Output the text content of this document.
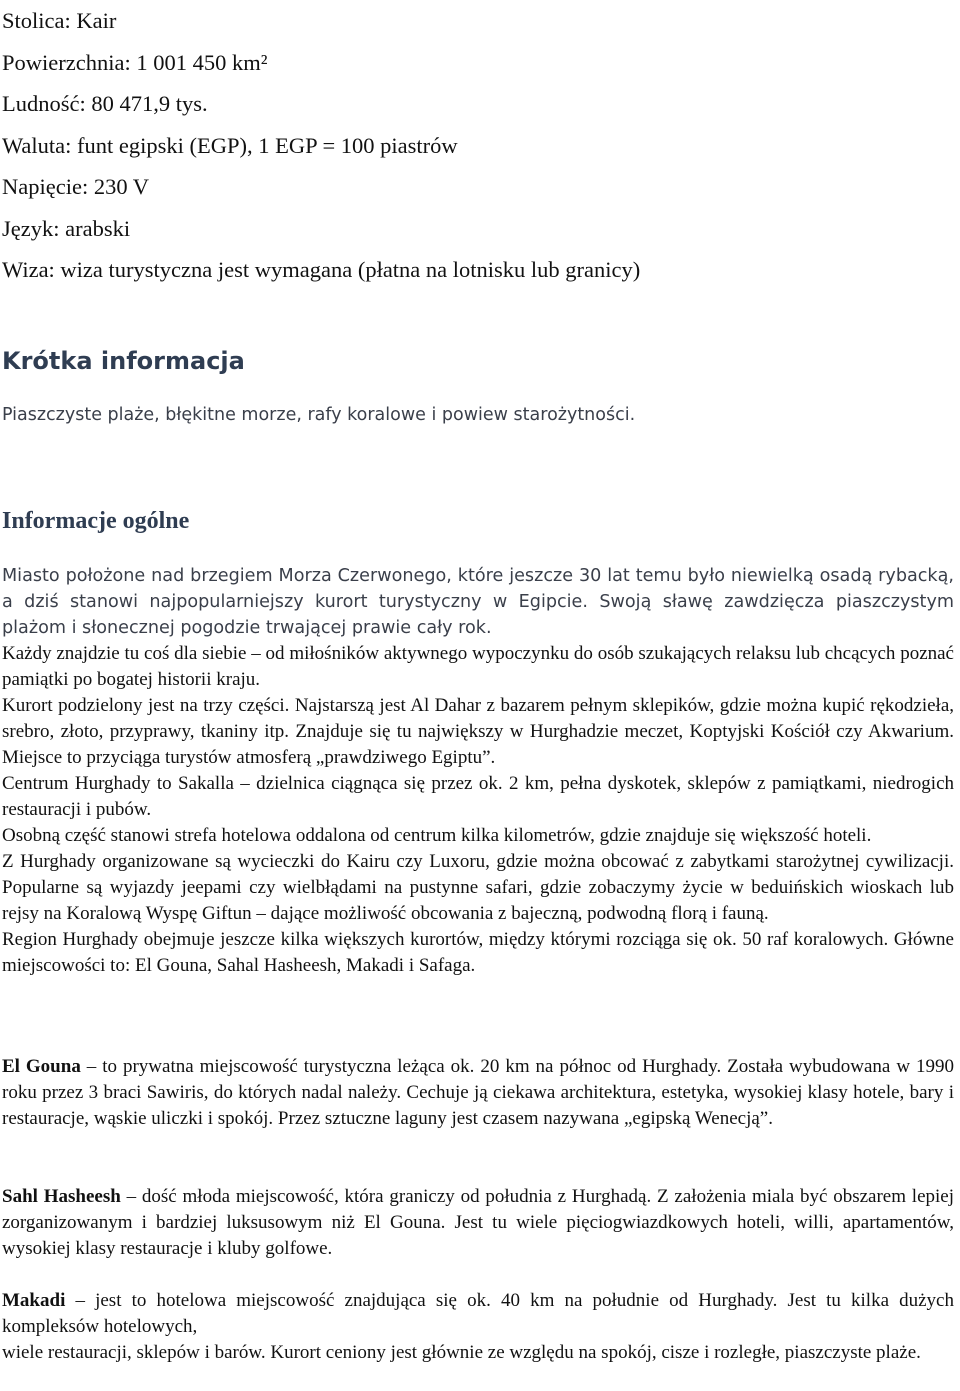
Stolica: Kair
Powierzchnia: 1 001 450 km²
Ludność: 80 471,9 tys.
Waluta: funt egipski (EGP), 1 EGP = 100 piastrów
Napięcie: 230 V
Język: arabski
Wiza: wiza turystyczna jest wymagana (płatna na lotnisku lub granicy)
Krótka informacja
Piaszczyste plaże, błękitne morze, rafy koralowe i powiew starożytności.
Informacje ogólne

Miasto położone nad brzegiem Morza Czerwonego, które jeszcze 30 lat temu było niewielką osadą rybacką, a dziś stanowi najpopularniejszy kurort turystyczny w Egipcie. Swoją sławę zawdzięcza piaszczystym plażom i słonecznej pogodzie trwającej prawie cały rok.

Każdy znajdzie tu coś dla siebie – od miłośników aktywnego wypoczynku do osób szukających relaksu lub chcących poznać pamiątki po bogatej historii kraju.

Kurort podzielony jest na trzy części. Najstarszą jest Al Dahar z bazarem pełnym sklepików, gdzie można kupić rękodzieła, srebro, złoto, przyprawy, tkaniny itp. Znajduje się tu największy w Hurghadzie meczet, Koptyjski Kościół czy Akwarium. Miejsce to przyciąga turystów atmosferą „prawdziwego Egiptu”.

Centrum Hurghady to Sakalla – dzielnica ciągnąca się przez ok. 2 km, pełna dyskotek, sklepów z pamiątkami, niedrogich restauracji i pubów.

Osobną część stanowi strefa hotelowa oddalona od centrum kilka kilometrów, gdzie znajduje się większość hoteli.

Z Hurghady organizowane są wycieczki do Kairu czy Luxoru, gdzie można obcować z zabytkami starożytnej cywilizacji. Popularne są wyjazdy jeepami czy wielbłądami na pustynne safari, gdzie zobaczymy życie w beduińskich wioskach lub rejsy na Koralową Wyspę Giftun – dające możliwość obcowania z bajeczną, podwodną florą i fauną.

Region Hurghady obejmuje jeszcze kilka większych kurortów, między którymi rozciąga się ok. 50 raf koralowych. Główne miejscowości to: El Gouna, Sahal Hasheesh, Makadi i Safaga.

El Gouna – to prywatna miejscowość turystyczna leżąca ok. 20 km na północ od Hurghady. Została wybudowana w 1990 roku przez 3 braci Sawiris, do których nadal należy. Cechuje ją ciekawa architektura, estetyka, wysokiej klasy hotele, bary i restauracje, wąskie uliczki i spokój. Przez sztuczne laguny jest czasem nazywana „egipską Wenecją”.

Sahl Hasheesh – dość młoda miejscowość, która graniczy od południa z Hurghadą. Z założenia miala być obszarem lepiej zorganizowanym i bardziej luksusowym niż El Gouna. Jest tu wiele pięciogwiazdkowych hoteli, willi, apartamentów, wysokiej klasy restauracje i kluby golfowe.

Makadi – jest to hotelowa miejscowość znajdująca się ok. 40 km na południe od Hurghady. Jest tu kilka dużych kompleksów hotelowych,

wiele restauracji, sklepów i barów. Kurort ceniony jest głównie ze względu na spokój, cisze i rozległe, piaszczyste plaże.
